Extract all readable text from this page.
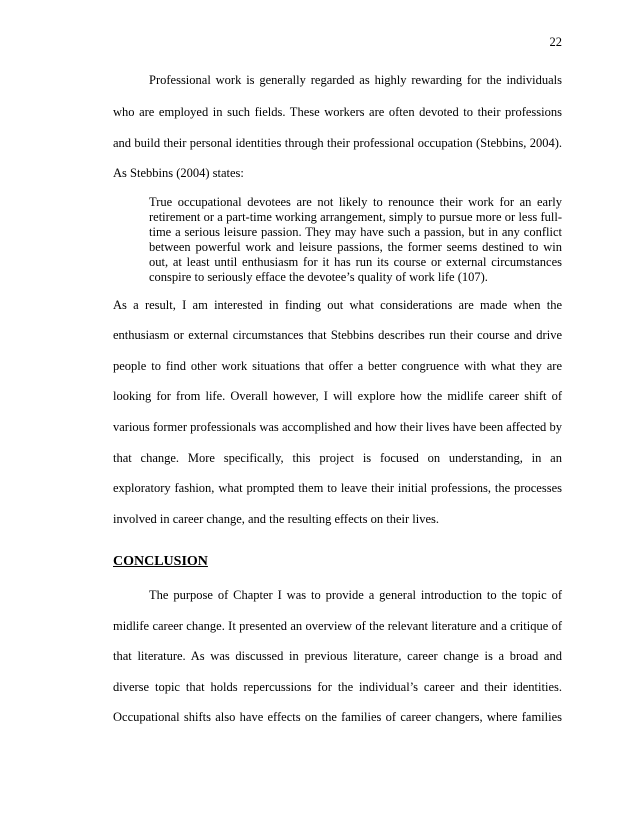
22
Professional work is generally regarded as highly rewarding for the individuals
who are employed in such fields. These workers are often devoted to their professions
and build their personal identities through their professional occupation (Stebbins, 2004).
As Stebbins (2004) states:
True occupational devotees are not likely to renounce their work for an early
retirement or a part-time working arrangement, simply to pursue more or less full-
time a serious leisure passion. They may have such a passion, but in any conflict
between powerful work and leisure passions, the former seems destined to win
out, at least until enthusiasm for it has run its course or external circumstances
conspire to seriously efface the devotee’s quality of work life (107).
As a result, I am interested in finding out what considerations are made when the
enthusiasm or external circumstances that Stebbins describes run their course and drive
people to find other work situations that offer a better congruence with what they are
looking for from life. Overall however, I will explore how the midlife career shift of
various former professionals was accomplished and how their lives have been affected by
that change. More specifically, this project is focused on understanding, in an
exploratory fashion, what prompted them to leave their initial professions, the processes
involved in career change, and the resulting effects on their lives.
CONCLUSION
The purpose of Chapter I was to provide a general introduction to the topic of
midlife career change. It presented an overview of the relevant literature and a critique of
that literature. As was discussed in previous literature, career change is a broad and
diverse topic that holds repercussions for the individual’s career and their identities.
Occupational shifts also have effects on the families of career changers, where families
